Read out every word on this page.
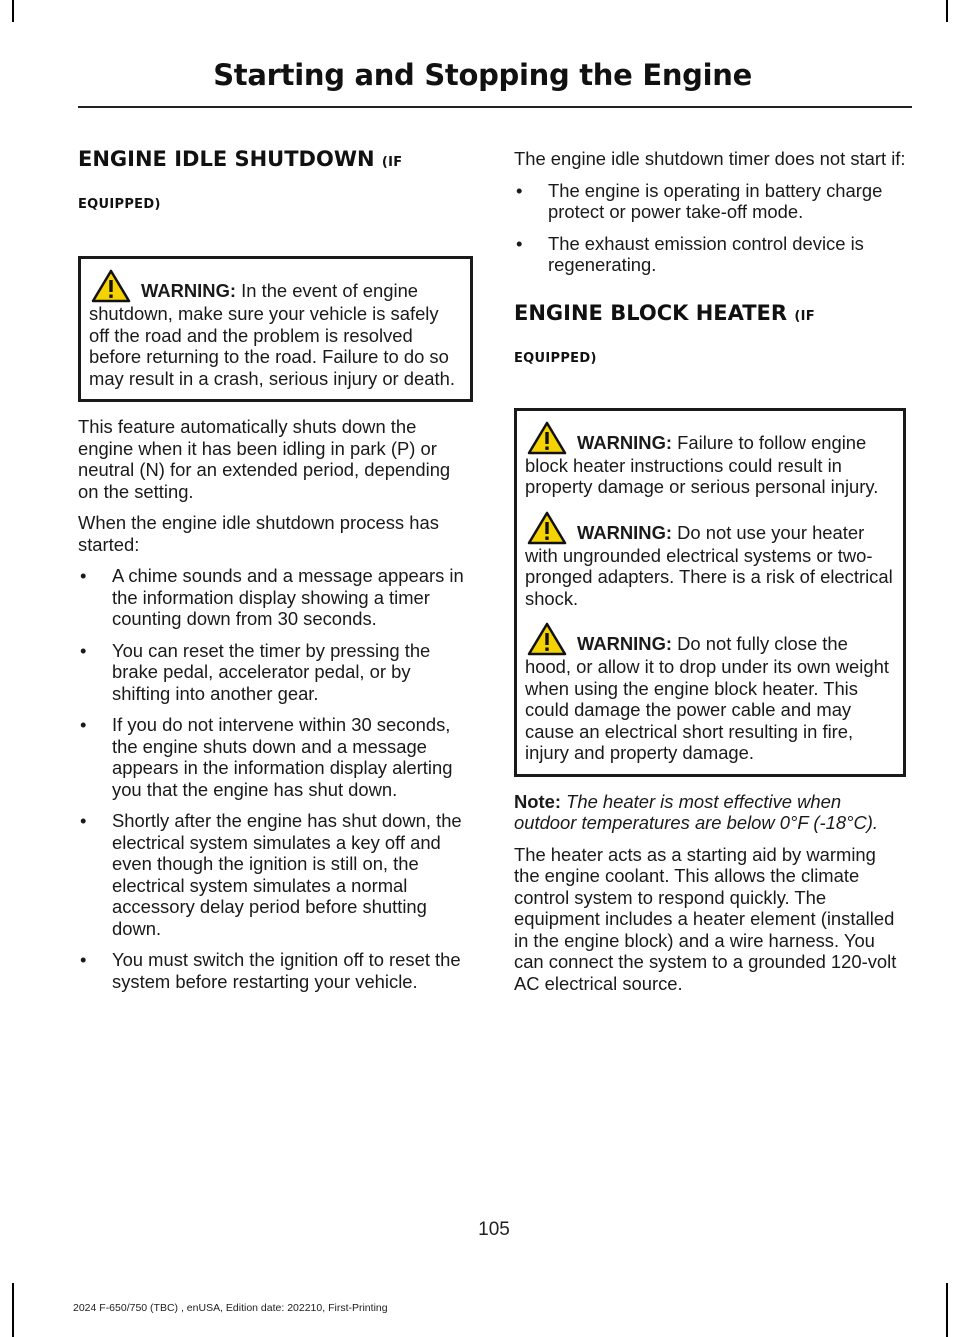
Starting and Stopping the Engine
ENGINE IDLE SHUTDOWN (IF
EQUIPPED)
WARNING: In the event of engine shutdown, make sure your vehicle is safely off the road and the problem is resolved before returning to the road. Failure to do so may result in a crash, serious injury or death.

This feature automatically shuts down the engine when it has been idling in park (P) or neutral (N) for an extended period, depending on the setting.

When the engine idle shutdown process has started:

• A chime sounds and a message appears in the information display showing a timer counting down from 30 seconds.
• You can reset the timer by pressing the brake pedal, accelerator pedal, or by shifting into another gear.
• If you do not intervene within 30 seconds, the engine shuts down and a message appears in the information display alerting you that the engine has shut down.
• Shortly after the engine has shut down, the electrical system simulates a key off and even though the ignition is still on, the electrical system simulates a normal accessory delay period before shutting down.
• You must switch the ignition off to reset the system before restarting your vehicle.

The engine idle shutdown timer does not start if:

• The engine is operating in battery charge protect or power take-off mode.
• The exhaust emission control device is regenerating.
ENGINE BLOCK HEATER (IF
EQUIPPED)
WARNING: Failure to follow engine block heater instructions could result in property damage or serious personal injury.
WARNING: Do not use your heater with ungrounded electrical systems or two-pronged adapters. There is a risk of electrical shock.
WARNING: Do not fully close the hood, or allow it to drop under its own weight when using the engine block heater. This could damage the power cable and may cause an electrical short resulting in fire, injury and property damage.

Note: The heater is most effective when outdoor temperatures are below 0°F (-18°C).

The heater acts as a starting aid by warming the engine coolant. This allows the climate control system to respond quickly. The equipment includes a heater element (installed in the engine block) and a wire harness. You can connect the system to a grounded 120-volt AC electrical source.

105
2024 F-650/750 (TBC) , enUSA, Edition date: 202210, First-Printing
